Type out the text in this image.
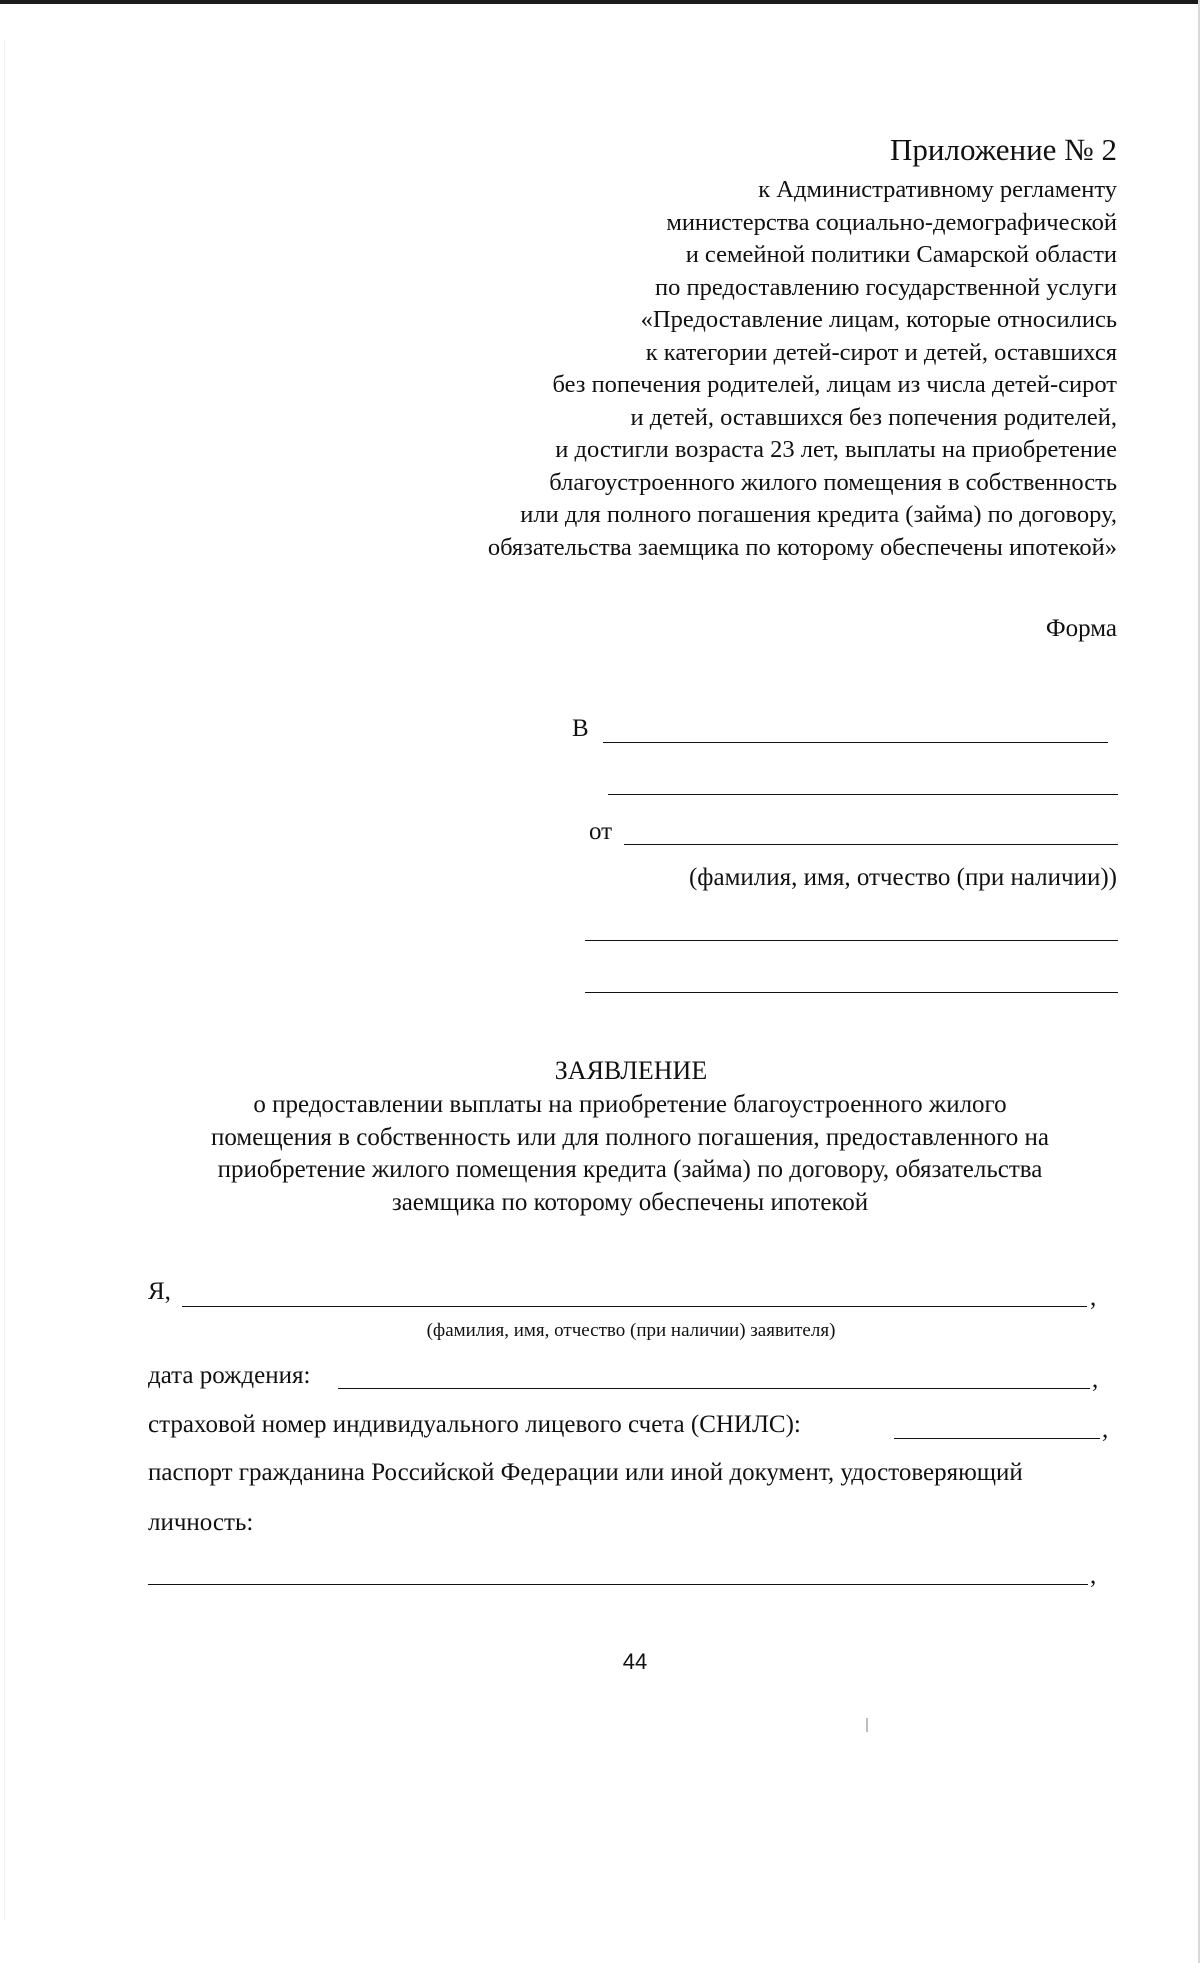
Приложение № 2
к Административному регламенту
министерства социально-демографической
и семейной политики Самарской области
по предоставлению государственной услуги
«Предоставление лицам, которые относились
к категории детей-сирот и детей, оставшихся
без попечения родителей, лицам из числа детей-сирот
и детей, оставшихся без попечения родителей,
и достигли возраста 23 лет, выплаты на приобретение
благоустроенного жилого помещения в собственность
или для полного погашения кредита (займа) по договору,
обязательства заемщика по которому обеспечены ипотекой»
Форма
В
от
(фамилия, имя, отчество (при наличии))
ЗАЯВЛЕНИЕ
о предоставлении выплаты на приобретение благоустроенного жилого
помещения в собственность или для полного погашения, предоставленного на
приобретение жилого помещения кредита (займа) по договору, обязательства
заемщика по которому обеспечены ипотекой
Я,	,
(фамилия, имя, отчество (при наличии) заявителя)
дата рождения:	,
страховой номер индивидуального лицевого счета (СНИЛС):	,
паспорт гражданина Российской Федерации или иной документ, удостоверяющий
личность:
,
44
